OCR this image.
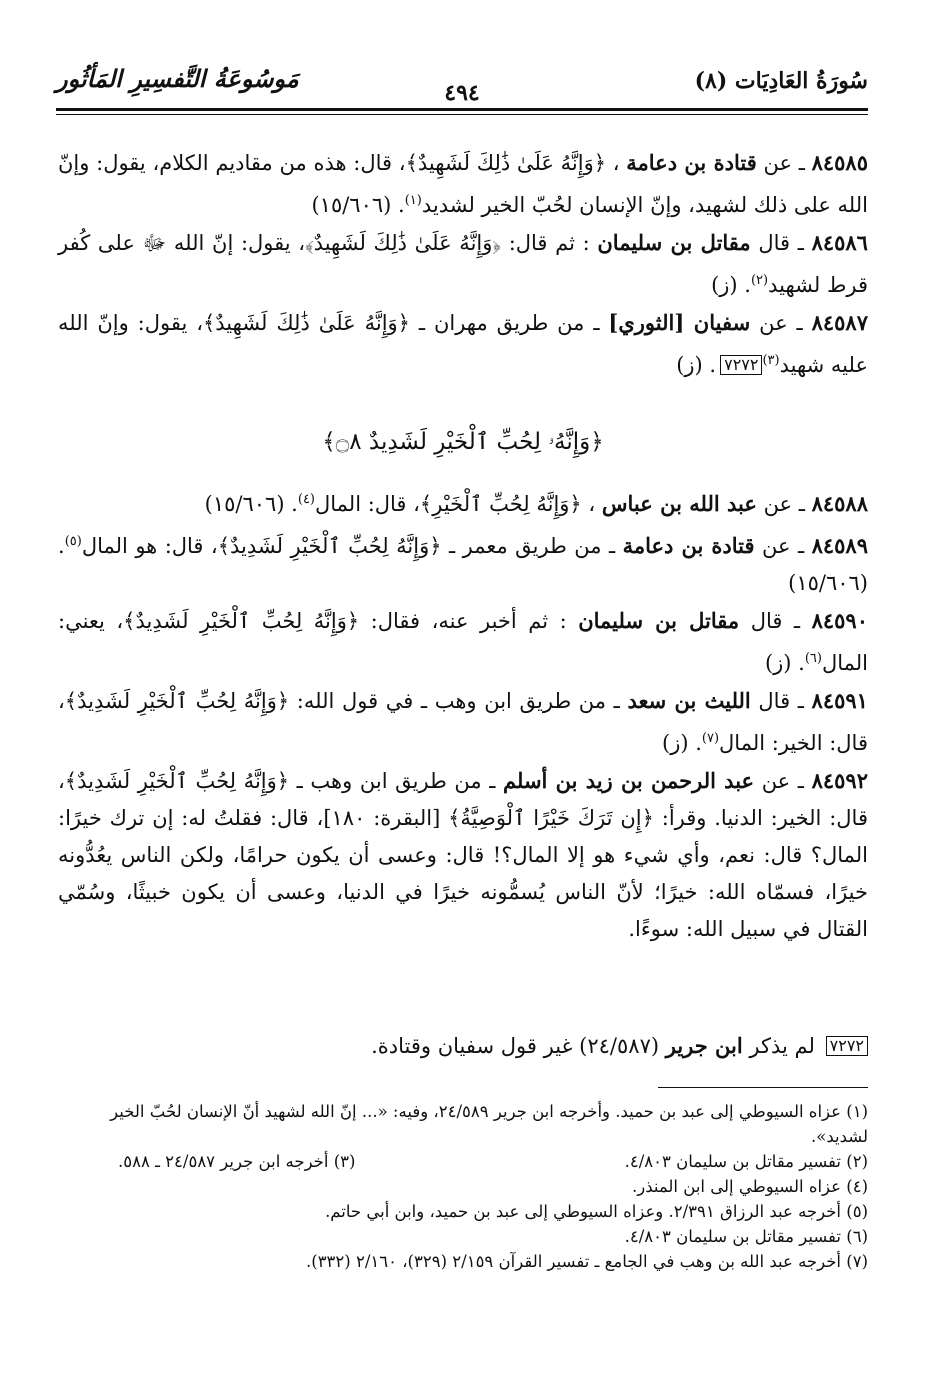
سُورَةُ العَادِيَات (٨)
٤٩٤
مَوسُوعَةُ التَّفسِيرِ المَأثُور

٨٤٥٨٥ ـ عن قتادة بن دعامة ، ﴿وَإِنَّهُ عَلَىٰ ذَٰلِكَ لَشَهِيدٌ﴾، قال: هذه من مقاديم الكلام، يقول: وإنّ الله على ذلك لشهيد، وإنّ الإنسان لحُبّ الخير لشديد$^{(١)}$. (١٥/٦٠٦)

٨٤٥٨٦ ـ قال مقاتل بن سليمان : ثم قال: ﴿وَإِنَّهُ عَلَىٰ ذَٰلِكَ لَشَهِيدٌ﴾، يقول: إنّ الله ﷻ على كُفر قرط لشهيد$^{(٢)}$. (ز)

٨٤٥٨٧ ـ عن سفيان [الثوري] ـ من طريق مهران ـ ﴿وَإِنَّهُ عَلَىٰ ذَٰلِكَ لَشَهِيدٌ﴾، يقول: وإنّ الله عليه شهيد$^{(٣)}$٧٢٧٢. (ز)

﴿وَإِنَّهُۥ لِحُبِّ ٱلْخَيْرِ لَشَدِيدٌ ۝٨﴾

٨٤٥٨٨ ـ عن عبد الله بن عباس ، ﴿وَإِنَّهُ لِحُبِّ ٱلْخَيْرِ﴾، قال: المال$^{(٤)}$. (١٥/٦٠٦)

٨٤٥٨٩ ـ عن قتادة بن دعامة ـ من طريق معمر ـ ﴿وَإِنَّهُ لِحُبِّ ٱلْخَيْرِ لَشَدِيدٌ﴾، قال: هو المال$^{(٥)}$. (١٥/٦٠٦)

٨٤٥٩٠ ـ قال مقاتل بن سليمان : ثم أخبر عنه، فقال: ﴿وَإِنَّهُ لِحُبِّ ٱلْخَيْرِ لَشَدِيدٌ﴾، يعني: المال$^{(٦)}$. (ز)

٨٤٥٩١ ـ قال الليث بن سعد ـ من طريق ابن وهب ـ في قول الله: ﴿وَإِنَّهُ لِحُبِّ ٱلْخَيْرِ لَشَدِيدٌ﴾، قال: الخير: المال$^{(٧)}$. (ز)

٨٤٥٩٢ ـ عن عبد الرحمن بن زيد بن أسلم ـ من طريق ابن وهب ـ ﴿وَإِنَّهُ لِحُبِّ ٱلْخَيْرِ لَشَدِيدٌ﴾، قال: الخير: الدنيا. وقرأ: ﴿إِن تَرَكَ خَيْرًا ٱلْوَصِيَّةُ﴾ [البقرة: ١٨٠]، قال: فقلتُ له: إن ترك خيرًا: المال؟ قال: نعم، وأي شيء هو إلا المال؟! قال: وعسى أن يكون حرامًا، ولكن الناس يعُدُّونه خيرًا، فسمّاه الله: خيرًا؛ لأنّ الناس يُسمُّونه خيرًا في الدنيا، وعسى أن يكون خبيثًا، وسُمّي القتال في سبيل الله: سوءًا.

٧٢٧٢ لم يذكر ابن جرير (٢٤/٥٨٧) غير قول سفيان وقتادة.

(١) عزاه السيوطي إلى عبد بن حميد. وأخرجه ابن جرير ٢٤/٥٨٩، وفيه: «... إنّ الله لشهيد أنّ الإنسان لحُبّ الخير لشديد».

(٢) تفسير مقاتل بن سليمان ٤/٨٠٣.

(٣) أخرجه ابن جرير ٢٤/٥٨٧ ـ ٥٨٨.

(٤) عزاه السيوطي إلى ابن المنذر.

(٥) أخرجه عبد الرزاق ٢/٣٩١. وعزاه السيوطي إلى عبد بن حميد، وابن أبي حاتم.

(٦) تفسير مقاتل بن سليمان ٤/٨٠٣.

(٧) أخرجه عبد الله بن وهب في الجامع ـ تفسير القرآن ٢/١٥٩ (٣٢٩)، ٢/١٦٠ (٣٣٢).
